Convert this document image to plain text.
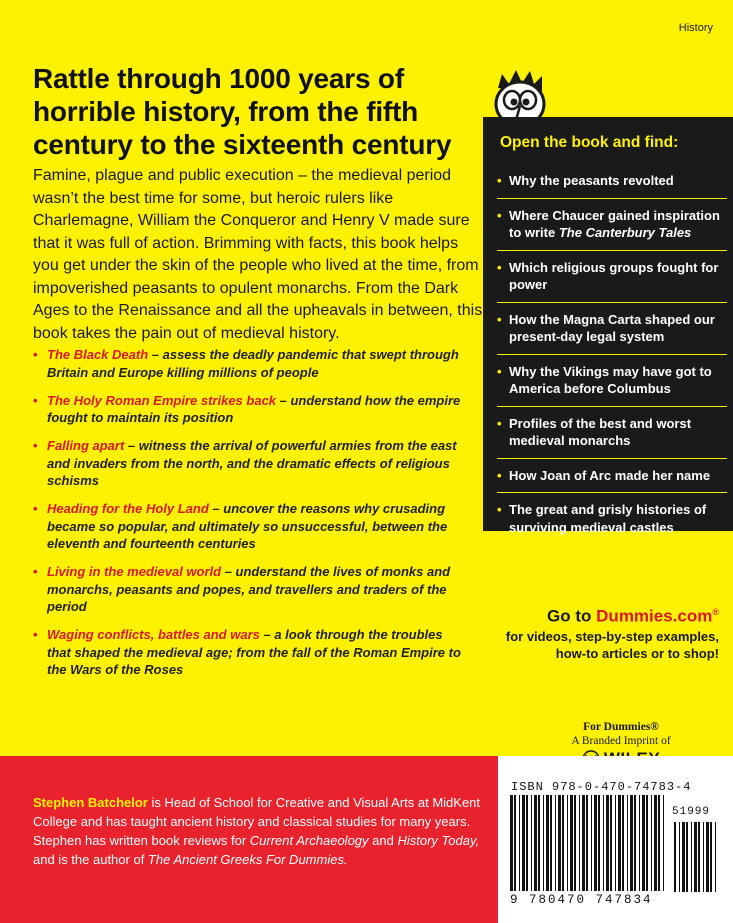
History
Rattle through 1000 years of horrible history, from the fifth century to the sixteenth century
Famine, plague and public execution – the medieval period wasn’t the best time for some, but heroic rulers like Charlemagne, William the Conqueror and Henry V made sure that it was full of action. Brimming with facts, this book helps you get under the skin of the people who lived at the time, from impoverished peasants to opulent monarchs. From the Dark Ages to the Renaissance and all the upheavals in between, this book takes the pain out of medieval history.
• The Black Death – assess the deadly pandemic that swept through Britain and Europe killing millions of people
• The Holy Roman Empire strikes back – understand how the empire fought to maintain its position
• Falling apart – witness the arrival of powerful armies from the east and invaders from the north, and the dramatic effects of religious schisms
• Heading for the Holy Land – uncover the reasons why crusading became so popular, and ultimately so unsuccessful, between the eleventh and fourteenth centuries
• Living in the medieval world – understand the lives of monks and monarchs, peasants and popes, and travellers and traders of the period
• Waging conflicts, battles and wars – a look through the troubles that shaped the medieval age; from the fall of the Roman Empire to the Wars of the Roses
Open the book and find:
• Why the peasants revolted
• Where Chaucer gained inspiration to write The Canterbury Tales
• Which religious groups fought for power
• How the Magna Carta shaped our present-day legal system
• Why the Vikings may have got to America before Columbus
• Profiles of the best and worst medieval monarchs
• How Joan of Arc made her name
• The great and grisly histories of surviving medieval castles
Go to Dummies.com®
for videos, step-by-step examples, how-to articles or to shop!
For Dummies®
A Branded Imprint of
Stephen Batchelor is Head of School for Creative and Visual Arts at MidKent College and has taught ancient history and classical studies for many years. Stephen has written book reviews for Current Archaeology and History Today, and is the author of The Ancient Greeks For Dummies.
ISBN 978-0-470-74783-4
51999
9 780470 747834
